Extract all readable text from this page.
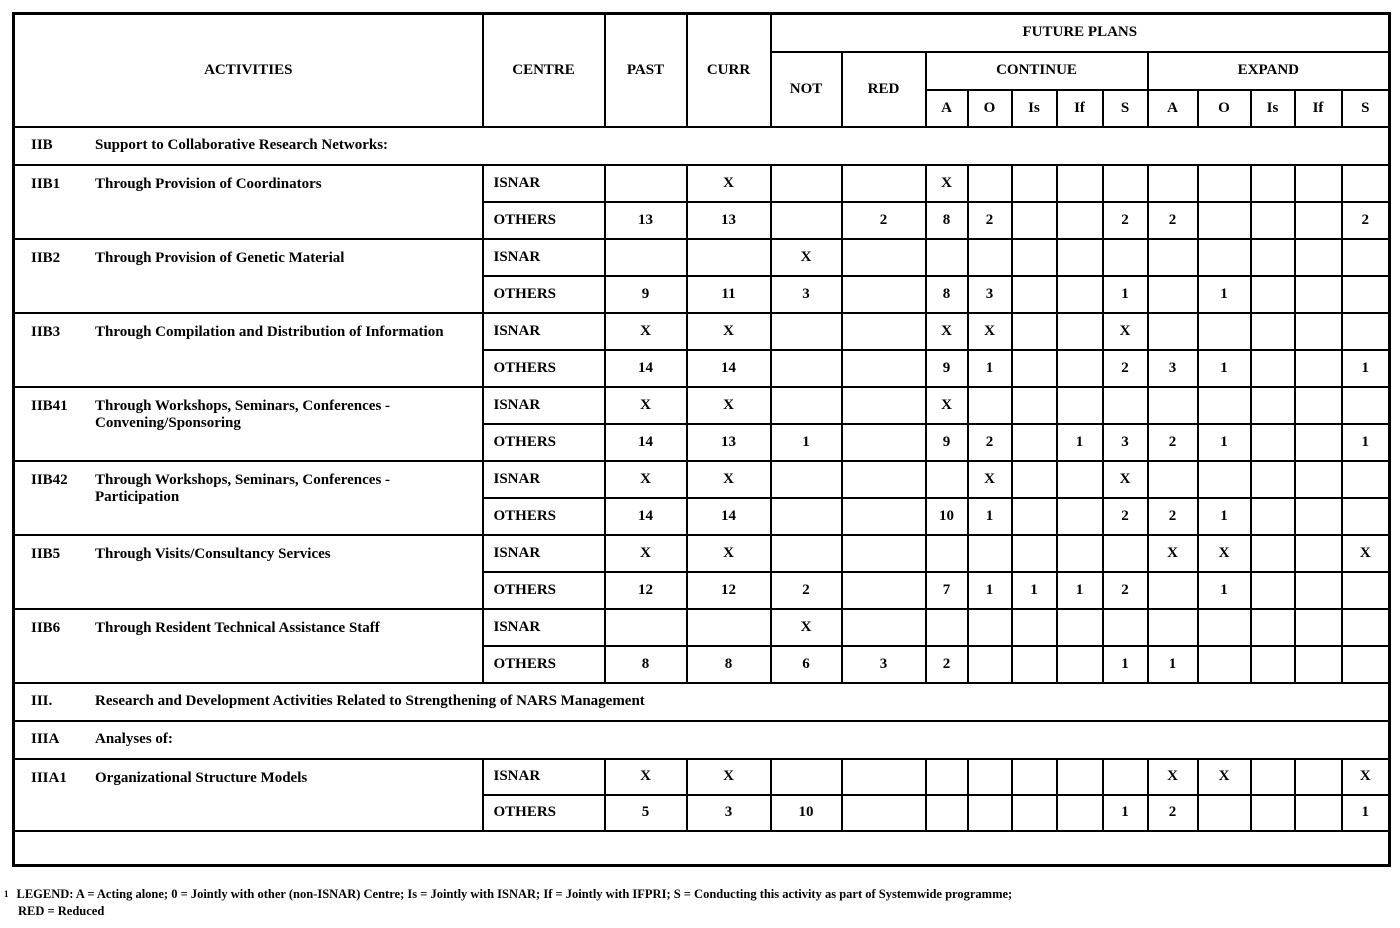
ACTIVITIES	CENTRE	PAST	CURR	FUTURE PLANS											
				NOT	RED	CONTINUE					EXPAND				
						A	O	Is	If	S	A	O	Is	If	S
IIB Support to Collaborative Research Networks:															
IIB1 Through Provision of Coordinators	ISNAR		X			X									
	OTHERS	13	13		2	8	2			2	2				2
IIB2 Through Provision of Genetic Material	ISNAR			X											
	OTHERS	9	11	3		8	3			1		1			
IIB3 Through Compilation and Distribution of Information	ISNAR	X	X			X	X			X					
	OTHERS	14	14			9	1			2	3	1			1
IIB41 Through Workshops, Seminars, Conferences - Convening/Sponsoring	ISNAR	X	X			X									
	OTHERS	14	13	1		9	2		1	3	2	1			1
IIB42 Through Workshops, Seminars, Conferences - Participation	ISNAR	X	X				X			X					
	OTHERS	14	14			10	1			2	2	1			
IIB5 Through Visits/Consultancy Services	ISNAR	X	X								X	X			X
	OTHERS	12	12	2		7	1	1	1	2		1			
IIB6 Through Resident Technical Assistance Staff	ISNAR			X											
	OTHERS	8	8	6	3	2				1	1				
III. Research and Development Activities Related to Strengthening of NARS Management															
IIIA Analyses of:															
IIIA1 Organizational Structure Models	ISNAR	X	X								X	X			X
	OTHERS	5	3	10						1	2				1

$^1$ LEGEND: A = Acting alone; 0 = Jointly with other (non-ISNAR) Centre; Is = Jointly with ISNAR; If = Jointly with IFPRI; S = Conducting this activity as part of Systemwide programme;
RED = Reduced
